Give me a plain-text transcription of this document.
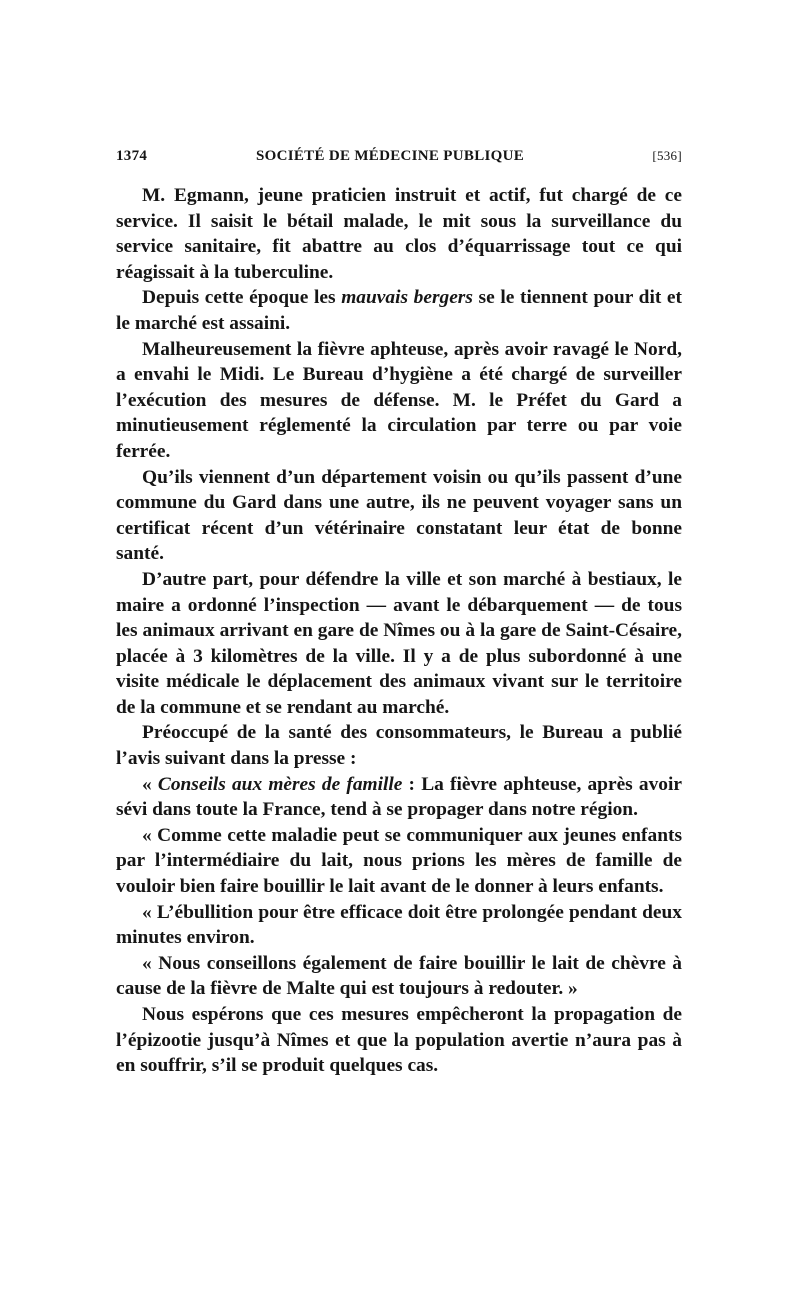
1374	SOCIÉTÉ DE MÉDECINE PUBLIQUE	[536]

M. Egmann, jeune praticien instruit et actif, fut chargé de ce service. Il saisit le bétail malade, le mit sous la surveillance du service sanitaire, fit abattre au clos d’équarrissage tout ce qui réagissait à la tuberculine.

Depuis cette époque les mauvais bergers se le tiennent pour dit et le marché est assaini.

Malheureusement la fièvre aphteuse, après avoir ravagé le Nord, a envahi le Midi. Le Bureau d’hygiène a été chargé de surveiller l’exécution des mesures de défense. M. le Préfet du Gard a minutieusement réglementé la circulation par terre ou par voie ferrée.

Qu’ils viennent d’un département voisin ou qu’ils passent d’une commune du Gard dans une autre, ils ne peuvent voyager sans un certificat récent d’un vétérinaire constatant leur état de bonne santé.

D’autre part, pour défendre la ville et son marché à bestiaux, le maire a ordonné l’inspection — avant le débarquement — de tous les animaux arrivant en gare de Nîmes ou à la gare de Saint-Césaire, placée à 3 kilomètres de la ville. Il y a de plus subordonné à une visite médicale le déplacement des animaux vivant sur le territoire de la commune et se rendant au marché.

Préoccupé de la santé des consommateurs, le Bureau a publié l’avis suivant dans la presse :

« Conseils aux mères de famille : La fièvre aphteuse, après avoir sévi dans toute la France, tend à se propager dans notre région.

« Comme cette maladie peut se communiquer aux jeunes enfants par l’intermédiaire du lait, nous prions les mères de famille de vouloir bien faire bouillir le lait avant de le donner à leurs enfants.

« L’ébullition pour être efficace doit être prolongée pendant deux minutes environ.

« Nous conseillons également de faire bouillir le lait de chèvre à cause de la fièvre de Malte qui est toujours à redouter. »

Nous espérons que ces mesures empêcheront la propagation de l’épizootie jusqu’à Nîmes et que la population avertie n’aura pas à en souffrir, s’il se produit quelques cas.
